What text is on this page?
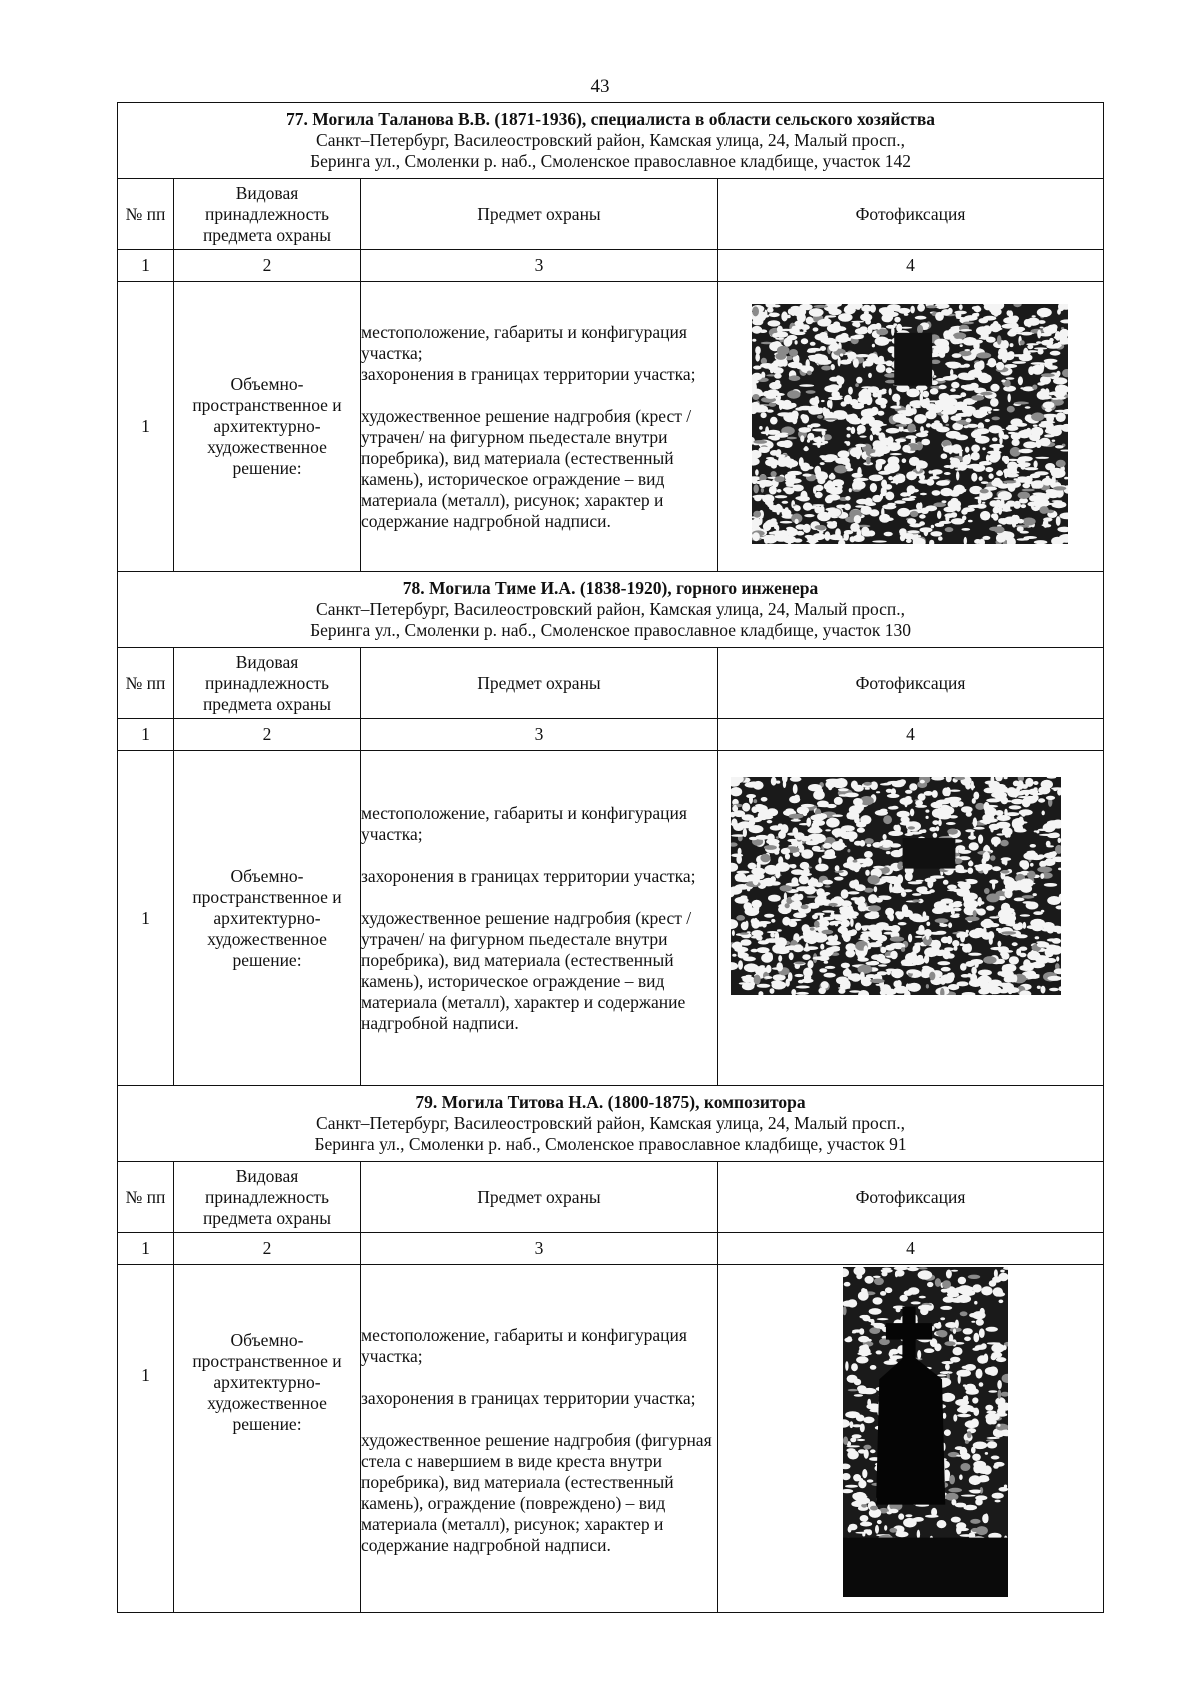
43
77. Могила Таланова В.В. (1871-1936), специалиста в области сельского хозяйства
Санкт–Петербург, Василеостровский район, Камская улица, 24, Малый просп.,
Беринга ул., Смоленки р. наб., Смоленское православное кладбище, участок 142			

№ пп	Видовая принадлежность предмета охраны	Предмет охраны	Фотофиксация
1	2	3	4
1	Объемно-пространственное и архитектурно-художественное решение:	местоположение, габариты и конфигурация участка;

захоронения в границах территории участка;

художественное решение надгробия (крест /утрачен/ на фигурном пьедестале внутри поребрика), вид материала (естественный камень), историческое ограждение – вид материала (металл), рисунок; характер и содержание надгробной надписи.

78. Могила Тиме И.А. (1838-1920), горного инженера
Санкт–Петербург, Василеостровский район, Камская улица, 24, Малый просп.,
Беринга ул., Смоленки р. наб., Смоленское православное кладбище, участок 130			

№ пп	Видовая принадлежность предмета охраны	Предмет охраны	Фотофиксация
1	2	3	4
1	Объемно-пространственное и архитектурно-художественное решение:	местоположение, габариты и конфигурация участка;

захоронения в границах территории участка;

художественное решение надгробия (крест /утрачен/ на фигурном пьедестале внутри поребрика), вид материала (естественный камень), историческое ограждение – вид материала (металл), характер и содержание надгробной надписи.

79. Могила Титова Н.А. (1800-1875), композитора
Санкт–Петербург, Василеостровский район, Камская улица, 24, Малый просп.,
Беринга ул., Смоленки р. наб., Смоленское православное кладбище, участок 91			

№ пп	Видовая принадлежность предмета охраны	Предмет охраны	Фотофиксация
1	2	3	4
1	Объемно-пространственное и архитектурно-художественное решение:	местоположение, габариты и конфигурация участка;

захоронения в границах территории участка;

художественное решение надгробия (фигурная стела с навершием в виде креста внутри поребрика), вид материала (естественный камень), ограждение (повреждено) – вид материала (металл), рисунок; характер и содержание надгробной надписи.
